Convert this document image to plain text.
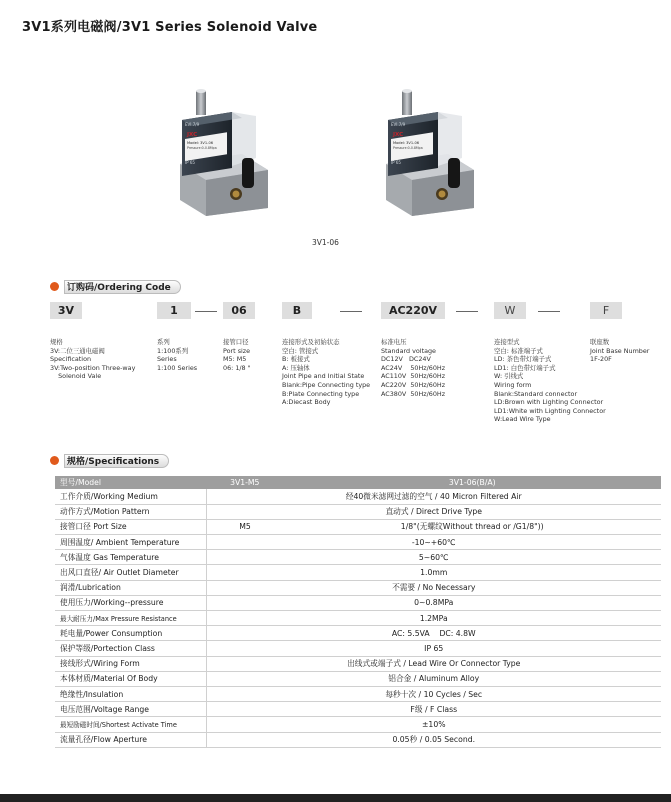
3V1系列电磁阀/3V1 Series Solenoid Valve
JXC
Model: 3V1-06
Pressure:0-0.8Mpa
EVI 7/9
IP 65
JXC
Model: 3V1-06
Pressure:0-0.8Mpa
EVI 7/9
IP 65
3V1-06
订购码/Ordering Code
3V	1	06	B	AC220V	W	F
规格
3V:二位三通电磁阀
Specification
3V:Two-position Three-way
Solenoid Vale
系列
1:100系列
Series
1:100 Series
接管口径
Port size
M5: M5
06: 1/8 "
连接形式及初始状态
空白: 管接式
B: 板接式
A: 压轴体
Joint Pipe and Initial State
Blank:Pipe Connecting type
B:Plate Connecting type
A:Diecast Body
标准电压
Standard voltage
DC12V   DC24V
AC24V    50Hz/60Hz
AC110V  50Hz/60Hz
AC220V  50Hz/60Hz
AC380V  50Hz/60Hz
连接型式
空白: 标准端子式
LD: 茶色带灯端子式
LD1: 白色带灯端子式
W: 引线式
Wiring form
Blank:Standard connector
LD:Brown with Lighting Connector
LD1:White with Lighting Connector
W:Lead Wire Type
联座数
Joint Base Number
1F-20F
规格/Specifications
型号/Model	3V1-M5	3V1-06(B/A)
工作介质/Working Medium	经40微米滤网过滤的空气 / 40 Micron Filtered Air	
动作方式/Motion Pattern	直动式 / Direct Drive Type	
接管口径 Port Size	M5	1/8"(无螺纹Without thread or /G1/8"))
周围温度/ Ambient Temperature	-10~+60℃	
气体温度 Gas Temperature	5~60℃	
出风口直径/ Air Outlet Diameter	1.0mm	
润滑/Lubrication	不需要 / No Necessary	
使用压力/Working--pressure	0~0.8MPa	
最大耐压力/Max Pressure Resistance	1.2MPa	
耗电量/Power Consumption	AC: 5.5VA    DC: 4.8W	
保护等级/Portection Class	IP 65	
接线形式/Wiring Form	出线式或端子式 / Lead Wire Or Connector Type	
本体材质/Material Of Body	铝合金 / Aluminum Alloy	
绝缘性/Insulation	每秒十次 / 10 Cycles / Sec	
电压范围/Voltage Range	F级 / F Class	
最短励磁时间/Shortest Activate Time	±10%	
流量孔径/Flow Aperture	0.05秒 / 0.05 Second.	
